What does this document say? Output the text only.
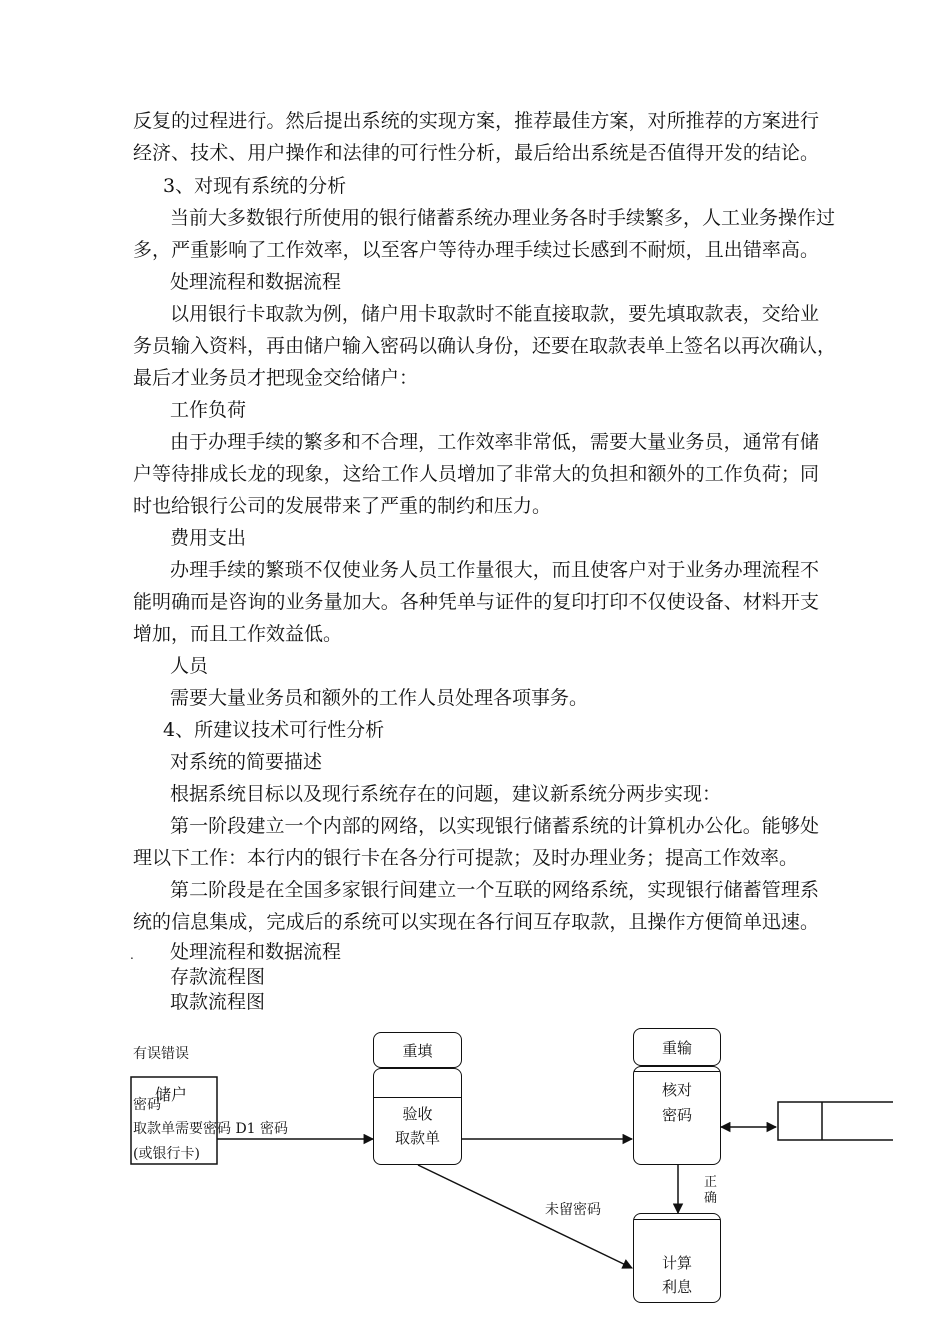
反复的过程进行。然后提出系统的实现方案，推荐最佳方案，对所推荐的方案进行
经济、技术、用户操作和法律的可行性分析，最后给出系统是否值得开发的结论。
3、对现有系统的分析
当前大多数银行所使用的银行储蓄系统办理业务各时手续繁多，人工业务操作过
多，严重影响了工作效率，以至客户等待办理手续过长感到不耐烦，且出错率高。
处理流程和数据流程
以用银行卡取款为例，储户用卡取款时不能直接取款，要先填取款表，交给业
务员输入资料，再由储户输入密码以确认身份，还要在取款表单上签名以再次确认，
最后才业务员才把现金交给储户：
工作负荷
由于办理手续的繁多和不合理，工作效率非常低，需要大量业务员，通常有储
户等待排成长龙的现象，这给工作人员增加了非常大的负担和额外的工作负荷；同
时也给银行公司的发展带来了严重的制约和压力。
费用支出
办理手续的繁琐不仅使业务人员工作量很大，而且使客户对于业务办理流程不
能明确而是咨询的业务量加大。各种凭单与证件的复印打印不仅使设备、材料开支
增加，而且工作效益低。
人员
需要大量业务员和额外的工作人员处理各项事务。
4、所建议技术可行性分析
对系统的简要描述
根据系统目标以及现行系统存在的问题，建议新系统分两步实现：
第一阶段建立一个内部的网络，以实现银行储蓄系统的计算机办公化。能够处
理以下工作：本行内的银行卡在各分行可提款；及时办理业务；提高工作效率。
第二阶段是在全国多家银行间建立一个互联的网络系统，实现银行储蓄管理系
统的信息集成，完成后的系统可以实现在各行间互存取款，且操作方便简单迅速。
. 处理流程和数据流程
存款流程图
取款流程图
有误错误
储户
密码
取款单需要密码 D1 密码
(或银行卡)
重填
验收
取款单
重输
核对
密码
正
确
未留密码
计算
利息
